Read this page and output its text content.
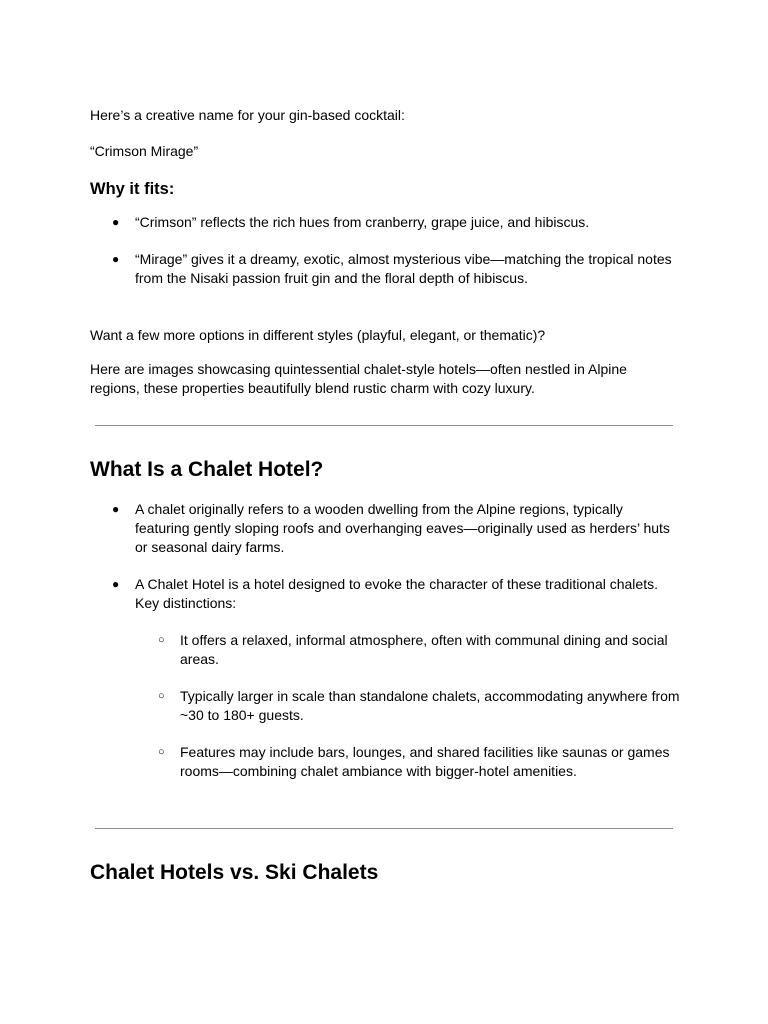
Here’s a creative name for your gin-based cocktail:

“Crimson Mirage”

Why it fits:
● “Crimson” reflects the rich hues from cranberry, grape juice, and hibiscus.
● “Mirage” gives it a dreamy, exotic, almost mysterious vibe—matching the tropical notes from the Nisaki passion fruit gin and the floral depth of hibiscus.

Want a few more options in different styles (playful, elegant, or thematic)?

Here are images showcasing quintessential chalet-style hotels—often nestled in Alpine regions, these properties beautifully blend rustic charm with cozy luxury.

What Is a Chalet Hotel?
● A chalet originally refers to a wooden dwelling from the Alpine regions, typically featuring gently sloping roofs and overhanging eaves—originally used as herders’ huts or seasonal dairy farms.
● A Chalet Hotel is a hotel designed to evoke the character of these traditional chalets. Key distinctions:
○ It offers a relaxed, informal atmosphere, often with communal dining and social areas.
○ Typically larger in scale than standalone chalets, accommodating anywhere from ~30 to 180+ guests.
○ Features may include bars, lounges, and shared facilities like saunas or games rooms—combining chalet ambiance with bigger-hotel amenities.
Chalet Hotels vs. Ski Chalets
